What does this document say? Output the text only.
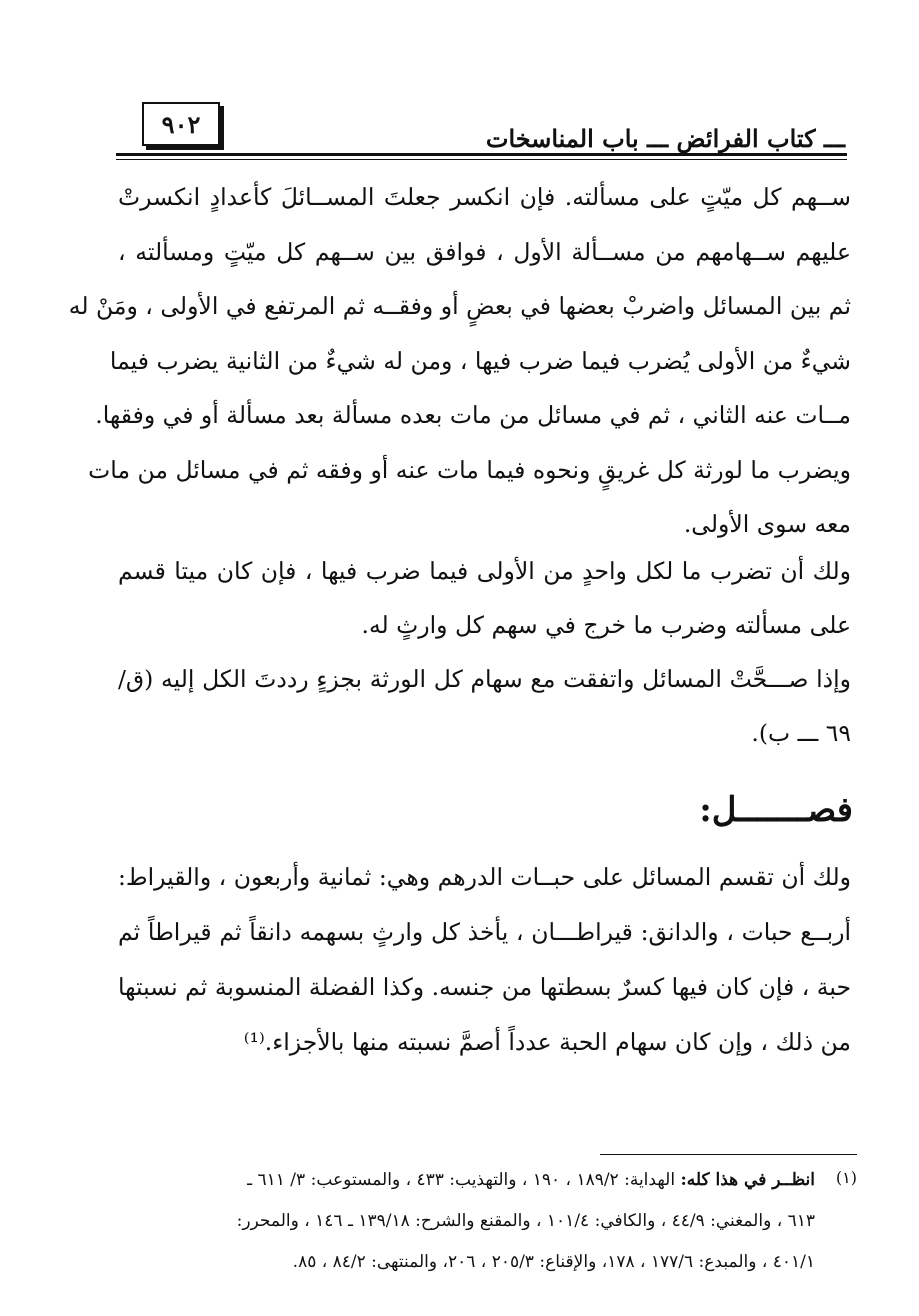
٩٠٢	ـــ كتاب الفرائض ـــ باب المناسخات
ســهم كل ميّتٍ على مسألته. فإن انكسر جعلتَ المســائلَ كأعدادٍ انكسرتْ
عليهم ســهامهم من مســألة الأول ، فوافق بين ســهم كل ميّتٍ ومسألته ،
ثم بين المسائل واضربْ بعضها في بعضٍ أو وفقــه ثم المرتفع في الأولى ، ومَنْ له
شيءٌ من الأولى يُضرب فيما ضرب فيها ، ومن له شيءٌ من الثانية يضرب فيما
مــات عنه الثاني ، ثم في مسائل من مات بعده مسألة بعد مسألة أو في وفقها.
ويضرب ما لورثة كل غريقٍ ونحوه فيما مات عنه أو وفقه ثم في مسائل من مات
معه سوى الأولى.
ولك أن تضرب ما لكل واحدٍ من الأولى فيما ضرب فيها ، فإن كان ميتا قسم
على مسألته وضرب ما خرج في سهم كل وارثٍ له.
وإذا صـــحَّتْ المسائل واتفقت مع سهام كل الورثة بجزءٍ رددتَ الكل إليه (ق/
٦٩ ـــ ب).
فصـــــــل:
ولك أن تقسم المسائل على حبــات الدرهم وهي: ثمانية وأربعون ، والقيراط:
أربــع حبات ، والدانق: قيراطـــان ، يأخذ كل وارثٍ بسهمه دانقاً ثم قيراطاً ثم
حبة ، فإن كان فيها كسرٌ بسطتها من جنسه. وكذا الفضلة المنسوبة ثم نسبتها
من ذلك ، وإن كان سهام الحبة عدداً أصمَّ نسبته منها بالأجزاء.⁽¹⁾
(١)
انظــر في هذا كله: الهداية: ١٨٩/٢ ، ١٩٠ ، والتهذيب: ٤٣٣ ، والمستوعب: ٣/ ٦١١ ـ
٦١٣ ، والمغني: ٤٤/٩ ، والكافي: ١٠١/٤ ، والمقنع والشرح: ١٣٩/١٨ ـ ١٤٦ ، والمحرر:
٤٠١/١ ، والمبدع: ١٧٧/٦ ، ١٧٨، والإقناع: ٢٠٥/٣ ، ٢٠٦، والمنتهى: ٨٤/٢ ، ٨٥.
